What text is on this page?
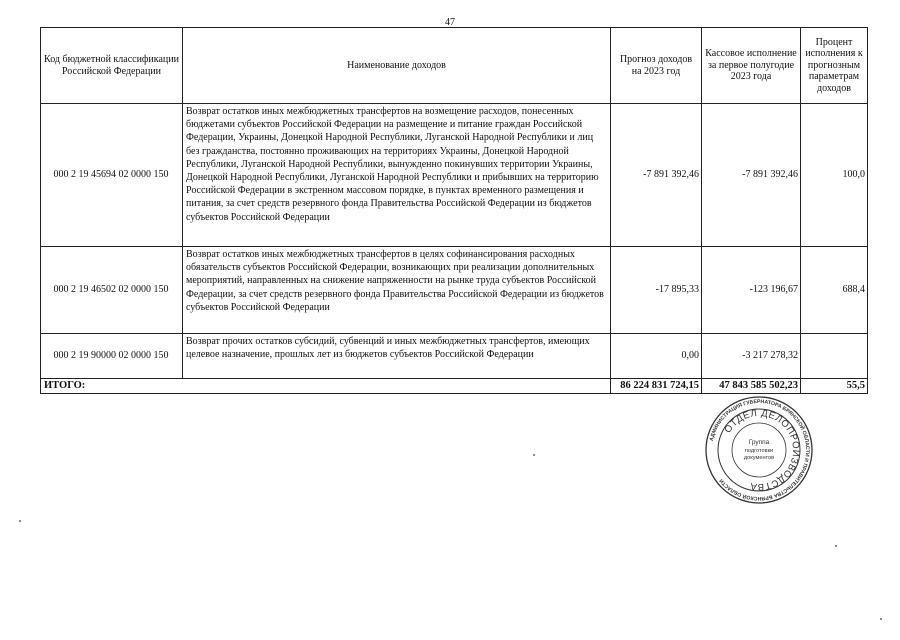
47
Код бюджетной классификации Российской Федерации	Наименование доходов	Прогноз доходов на 2023 год	Кассовое исполнение за первое полугодие 2023 года	Процент исполнения к прогнозным параметрам доходов
000 2 19 45694 02 0000 150	Возврат остатков иных межбюджетных трансфертов на возмещение расходов, понесенных бюджетами субъектов Российской Федерации на размещение и питание граждан Российской Федерации, Украины, Донецкой Народной Республики, Луганской Народной Республики и лиц без гражданства, постоянно проживающих на территориях Украины, Донецкой Народной Республики, Луганской Народной Республики, вынужденно покинувших территории Украины, Донецкой Народной Республики, Луганской Народной Республики и прибывших на территорию Российской Федерации в экстренном массовом порядке, в пунктах временного размещения и питания, за счет средств резервного фонда Правительства Российской Федерации из бюджетов субъектов Российской Федерации	-7 891 392,46	-7 891 392,46	100,0
000 2 19 46502 02 0000 150	Возврат остатков иных межбюджетных трансфертов в целях софинансирования расходных обязательств субъектов Российской Федерации, возникающих при реализации дополнительных мероприятий, направленных на снижение напряженности на рынке труда субъектов Российской Федерации, за счет средств резервного фонда Правительства Российской Федерации из бюджетов субъектов Российской Федерации	-17 895,33	-123 196,67	688,4
000 2 19 90000 02 0000 150	Возврат прочих остатков субсидий, субвенций и иных межбюджетных трансфертов, имеющих целевое назначение, прошлых лет из бюджетов субъектов Российской Федерации	0,00	-3 217 278,32	
ИТОГО:		86 224 831 724,15	47 843 585 502,23	55,5
АДМИНИСТРАЦИЯ ГУБЕРНАТОРА БРЯНСКОЙ ОБЛАСТИ И ПРАВИТЕЛЬСТВА БРЯНСКОЙ ОБЛАСТИ
ОТДЕЛ ДЕЛОПРОИЗВОДСТВА
Группа
подготовки
документов
